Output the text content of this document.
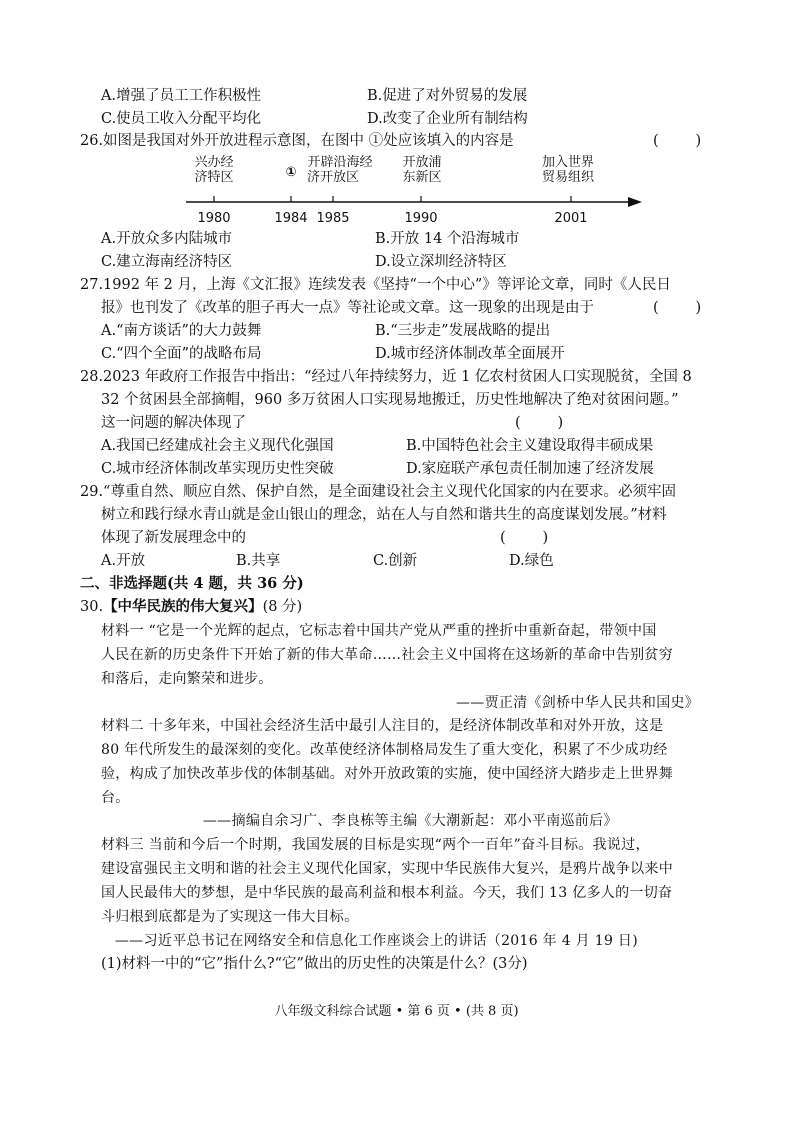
A.增强了员工工作积极性	B.促进了对外贸易的发展
C.使员工收入分配平均化	D.改变了企业所有制结构
26.如图是我国对外开放进程示意图，在图中 ①处应该填入的内容是	(        )
兴办经
济特区	①
开辟沿海经
济开放区
开放浦
东新区
加入世界
贸易组织
1980	1984 1985	1990	2001
A.开放众多内陆城市	B.开放 14 个沿海城市
C.建立海南经济特区	D.设立深圳经济特区
27.1992 年 2 月，上海《文汇报》连续发表《坚持“一个中心”》等评论文章，同时《人民日
报》也刊发了《改革的胆子再大一点》等社论或文章。这一现象的出现是由于	(        )
A.“南方谈话”的大力鼓舞	B.“三步走”发展战略的提出
C.“四个全面”的战略布局	D.城市经济体制改革全面展开
28.2023 年政府工作报告中指出：“经过八年持续努力，近 1 亿农村贫困人口实现脱贫，全国 8
32 个贫困县全部摘帽，960 多万贫困人口实现易地搬迁，历史性地解决了绝对贫困问题。”
这一问题的解决体现了	(        )
A.我国已经建成社会主义现代化强国	B.中国特色社会主义建设取得丰硕成果
C.城市经济体制改革实现历史性突破	D.家庭联产承包责任制加速了经济发展
29.“尊重自然、顺应自然、保护自然，是全面建设社会主义现代化国家的内在要求。必须牢固
树立和践行绿水青山就是金山银山的理念，站在人与自然和谐共生的高度谋划发展。”材料
体现了新发展理念中的	(        )
A.开放	B.共享	C.创新	D.绿色
二、非选择题(共 4 题，共 36 分)
30.【中华民族的伟大复兴】(8 分)
材料一 “它是一个光辉的起点，它标志着中国共产党从严重的挫折中重新奋起，带领中国
人民在新的历史条件下开始了新的伟大革命……社会主义中国将在这场新的革命中告别贫穷
和落后，走向繁荣和进步。
——贾正清《剑桥中华人民共和国史》
材料二 十多年来，中国社会经济生活中最引人注目的，是经济体制改革和对外开放，这是
80 年代所发生的最深刻的变化。改革使经济体制格局发生了重大变化，积累了不少成功经
验，构成了加快改革步伐的体制基础。对外开放政策的实施，使中国经济大踏步走上世界舞
台。
——摘编自余习广、李良栋等主编《大潮新起：邓小平南巡前后》
材料三 当前和今后一个时期，我国发展的目标是实现“两个一百年”奋斗目标。我说过，
建设富强民主文明和谐的社会主义现代化国家，实现中华民族伟大复兴，是鸦片战争以来中
国人民最伟大的梦想，是中华民族的最高利益和根本利益。今天，我们 13 亿多人的一切奋
斗归根到底都是为了实现这一伟大目标。
——习近平总书记在网络安全和信息化工作座谈会上的讲话（2016 年 4 月 19 日)
(1)材料一中的“它”指什么?“它”做出的历史性的决策是什么？(3分)
八年级文科综合试题 • 第 6 页 • (共 8 页)
